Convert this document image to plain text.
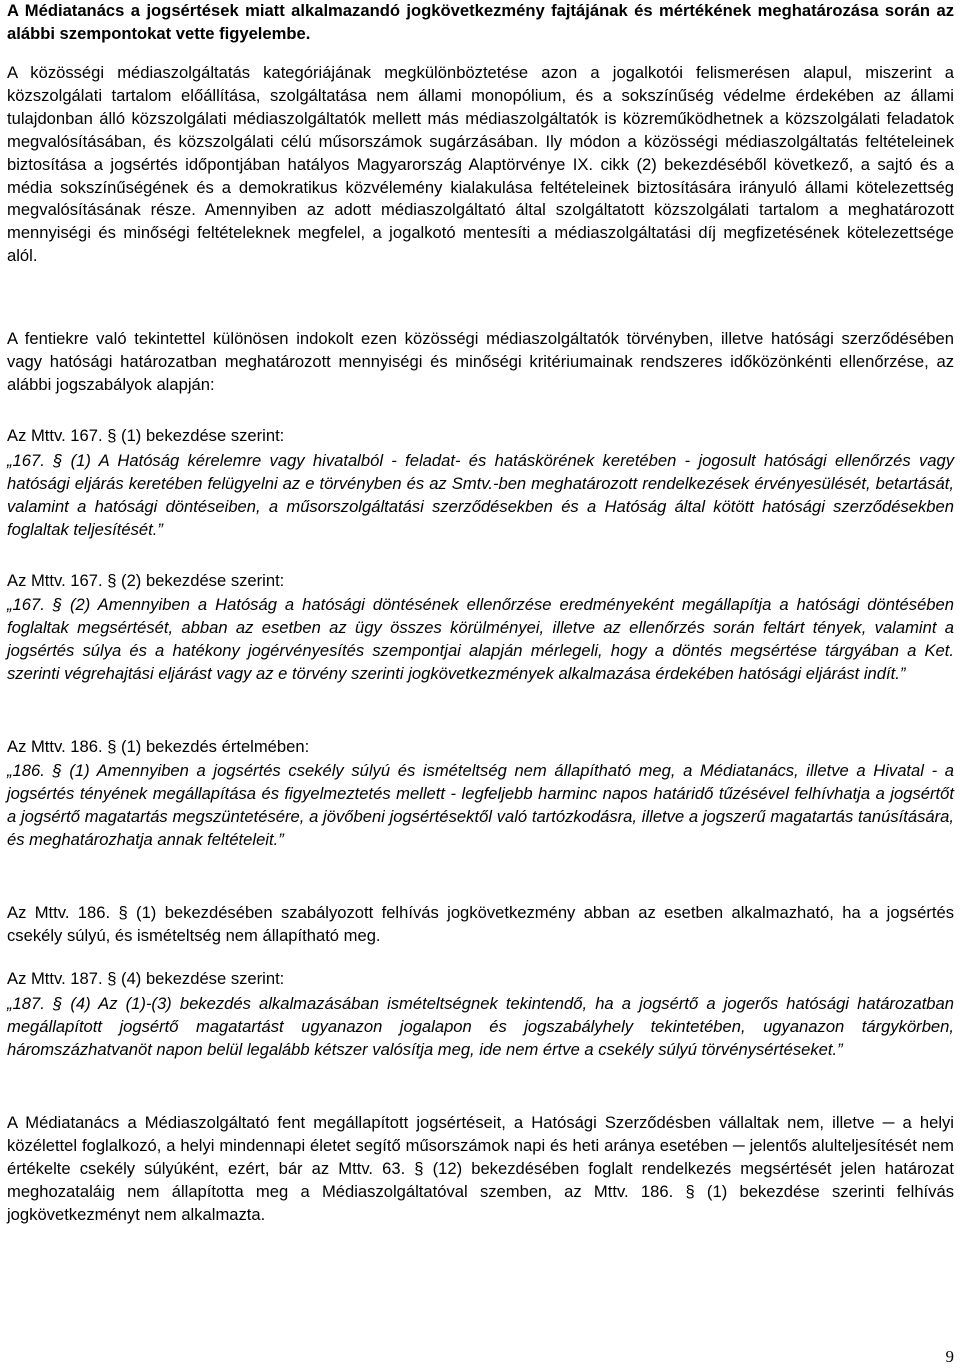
A Médiatanács a jogsértések miatt alkalmazandó jogkövetkezmény fajtájának és mértékének meghatározása során az alábbi szempontokat vette figyelembe.

A közösségi médiaszolgáltatás kategóriájának megkülönböztetése azon a jogalkotói felismerésen alapul, miszerint a közszolgálati tartalom előállítása, szolgáltatása nem állami monopólium, és a sokszínűség védelme érdekében az állami tulajdonban álló közszolgálati médiaszolgáltatók mellett más médiaszolgáltatók is közreműködhetnek a közszolgálati feladatok megvalósításában, és közszolgálati célú műsorszámok sugárzásában. Ily módon a közösségi médiaszolgáltatás feltételeinek biztosítása a jogsértés időpontjában hatályos Magyarország Alaptörvénye IX. cikk (2) bekezdéséből következő, a sajtó és a média sokszínűségének és a demokratikus közvélemény kialakulása feltételeinek biztosítására irányuló állami kötelezettség megvalósításának része. Amennyiben az adott médiaszolgáltató által szolgáltatott közszolgálati tartalom a meghatározott mennyiségi és minőségi feltételeknek megfelel, a jogalkotó mentesíti a médiaszolgáltatási díj megfizetésének kötelezettsége alól.

A fentiekre való tekintettel különösen indokolt ezen közösségi médiaszolgáltatók törvényben, illetve hatósági szerződésében vagy hatósági határozatban meghatározott mennyiségi és minőségi kritériumainak rendszeres időközönkénti ellenőrzése, az alábbi jogszabályok alapján:

Az Mttv. 167. § (1) bekezdése szerint:

„167. § (1) A Hatóság kérelemre vagy hivatalból - feladat- és hatáskörének keretében - jogosult hatósági ellenőrzés vagy hatósági eljárás keretében felügyelni az e törvényben és az Smtv.-ben meghatározott rendelkezések érvényesülését, betartását, valamint a hatósági döntéseiben, a műsorszolgáltatási szerződésekben és a Hatóság által kötött hatósági szerződésekben foglaltak teljesítését.”

Az Mttv. 167. § (2) bekezdése szerint:

„167. § (2) Amennyiben a Hatóság a hatósági döntésének ellenőrzése eredményeként megállapítja a hatósági döntésében foglaltak megsértését, abban az esetben az ügy összes körülményei, illetve az ellenőrzés során feltárt tények, valamint a jogsértés súlya és a hatékony jogérvényesítés szempontjai alapján mérlegeli, hogy a döntés megsértése tárgyában a Ket. szerinti végrehajtási eljárást vagy az e törvény szerinti jogkövetkezmények alkalmazása érdekében hatósági eljárást indít.”

Az Mttv. 186. § (1) bekezdés értelmében:

„186. § (1) Amennyiben a jogsértés csekély súlyú és ismételtség nem állapítható meg, a Médiatanács, illetve a Hivatal - a jogsértés tényének megállapítása és figyelmeztetés mellett - legfeljebb harminc napos határidő tűzésével felhívhatja a jogsértőt a jogsértő magatartás megszüntetésére, a jövőbeni jogsértésektől való tartózkodásra, illetve a jogszerű magatartás tanúsítására, és meghatározhatja annak feltételeit.”

Az Mttv. 186. § (1) bekezdésében szabályozott felhívás jogkövetkezmény abban az esetben alkalmazható, ha a jogsértés csekély súlyú, és ismételtség nem állapítható meg.

Az Mttv. 187. § (4) bekezdése szerint:

„187. § (4) Az (1)-(3) bekezdés alkalmazásában ismételtségnek tekintendő, ha a jogsértő a jogerős hatósági határozatban megállapított jogsértő magatartást ugyanazon jogalapon és jogszabályhely tekintetében, ugyanazon tárgykörben, háromszázhatvanöt napon belül legalább kétszer valósítja meg, ide nem értve a csekély súlyú törvénysértéseket.”

A Médiatanács a Médiaszolgáltató fent megállapított jogsértéseit, a Hatósági Szerződésben vállaltak nem, illetve ─ a helyi közélettel foglalkozó, a helyi mindennapi életet segítő műsorszámok napi és heti aránya esetében ─ jelentős alulteljesítését nem értékelte csekély súlyúként, ezért, bár az Mttv. 63. § (12) bekezdésében foglalt rendelkezés megsértését jelen határozat meghozataláig nem állapította meg a Médiaszolgáltatóval szemben, az Mttv. 186. § (1) bekezdése szerinti felhívás jogkövetkezményt nem alkalmazta.

9
